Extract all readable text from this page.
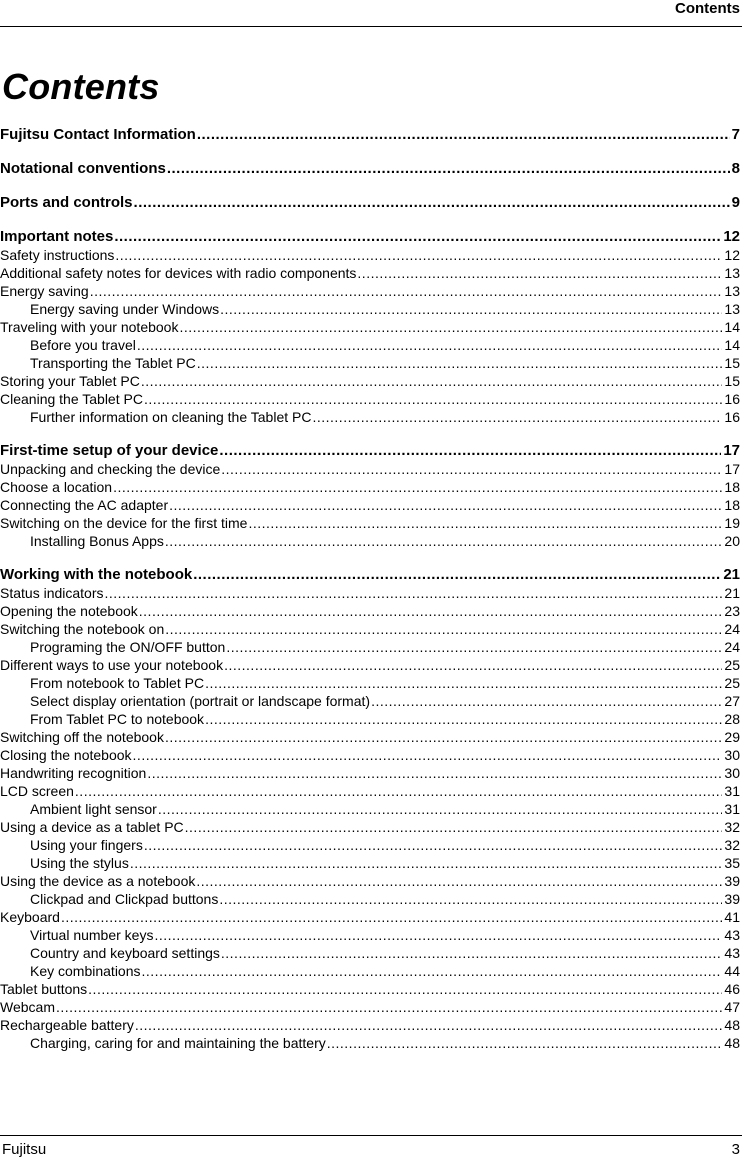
Contents
Contents
Fujitsu Contact Information .....	7
Notational conventions .....	8
Ports and controls .....	9
Important notes .....	12
Safety instructions .....	12
Additional safety notes for devices with radio components .....	13
Energy saving .....	13
Energy saving under Windows .....	13
Traveling with your notebook .....	14
Before you travel .....	14
Transporting the Tablet PC .....	15
Storing your Tablet PC .....	15
Cleaning the Tablet PC .....	16
Further information on cleaning the Tablet PC .....	16
First-time setup of your device .....	17
Unpacking and checking the device .....	17
Choose a location .....	18
Connecting the AC adapter .....	18
Switching on the device for the first time .....	19
Installing Bonus Apps .....	20
Working with the notebook .....	21
Status indicators .....	21
Opening the notebook .....	23
Switching the notebook on .....	24
Programing the ON/OFF button .....	24
Different ways to use your notebook .....	25
From notebook to Tablet PC .....	25
Select display orientation (portrait or landscape format) .....	27
From Tablet PC to notebook .....	28
Switching off the notebook .....	29
Closing the notebook .....	30
Handwriting recognition .....	30
LCD screen .....	31
Ambient light sensor .....	31
Using a device as a tablet PC .....	32
Using your fingers .....	32
Using the stylus .....	35
Using the device as a notebook .....	39
Clickpad and Clickpad buttons .....	39
Keyboard .....	41
Virtual number keys .....	43
Country and keyboard settings .....	43
Key combinations .....	44
Tablet buttons .....	46
Webcam .....	47
Rechargeable battery .....	48
Charging, caring for and maintaining the battery .....	48
Fujitsu	3
